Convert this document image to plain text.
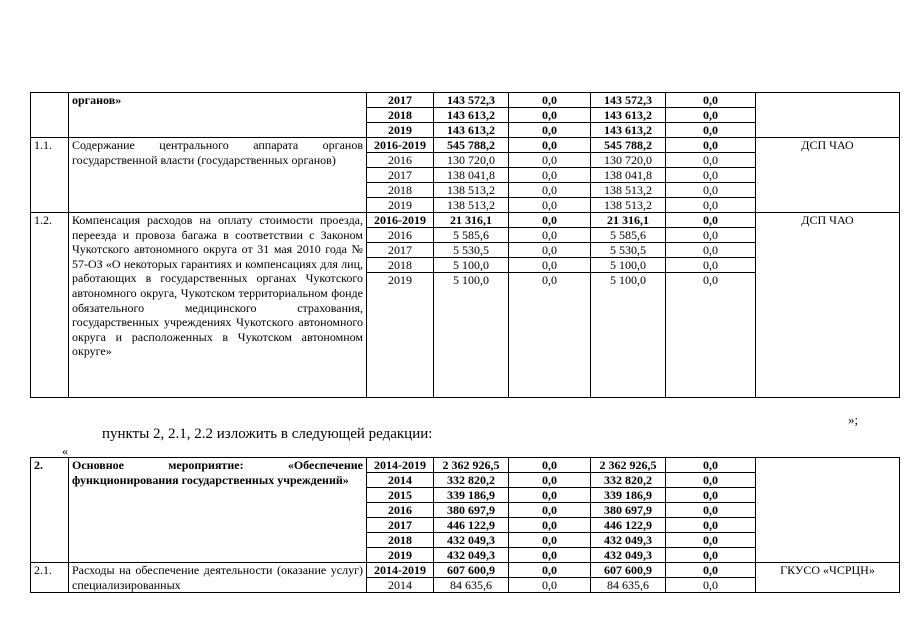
	органов»	2017	143 572,3	0,0	143 572,3	0,0	
		2018	143 613,2	0,0	143 613,2	0,0	
		2019	143 613,2	0,0	143 613,2	0,0	
1.1.	Содержание центрального аппарата органов государственной власти (государственных органов)	2016-2019	545 788,2	0,0	545 788,2	0,0	ДСП ЧАО
		2016	130 720,0	0,0	130 720,0	0,0	
		2017	138 041,8	0,0	138 041,8	0,0	
		2018	138 513,2	0,0	138 513,2	0,0	
		2019	138 513,2	0,0	138 513,2	0,0	
1.2.	Компенсация расходов на оплату стоимости проезда, переезда и провоза багажа в соответствии с Законом Чукотского автономного округа от 31 мая 2010 года № 57-ОЗ «О некоторых гарантиях и компенсациях для лиц, работающих в государственных органах Чукотского автономного округа, Чукотском территориальном фонде обязательного медицинского страхования, государственных учреждениях Чукотского автономного округа и расположенных в Чукотском автономном округе»	2016-2019	21 316,1	0,0	21 316,1	0,0	ДСП ЧАО
		2016	5 585,6	0,0	5 585,6	0,0	
		2017	5 530,5	0,0	5 530,5	0,0	
		2018	5 100,0	0,0	5 100,0	0,0	
		2019	5 100,0	0,0	5 100,0	0,0	
»;
пункты 2, 2.1, 2.2 изложить в следующей редакции:
«
2.	Основное мероприятие: «Обеспечение функционирования государственных учреждений»	2014-2019	2 362 926,5	0,0	2 362 926,5	0,0	
		2014	332 820,2	0,0	332 820,2	0,0	
		2015	339 186,9	0,0	339 186,9	0,0	
		2016	380 697,9	0,0	380 697,9	0,0	
		2017	446 122,9	0,0	446 122,9	0,0	
		2018	432 049,3	0,0	432 049,3	0,0	
		2019	432 049,3	0,0	432 049,3	0,0	
2.1.	Расходы на обеспечение деятельности (оказание услуг) специализированных	2014-2019	607 600,9	0,0	607 600,9	0,0	ГКУСО «ЧСРЦН»
		2014	84 635,6	0,0	84 635,6	0,0	
